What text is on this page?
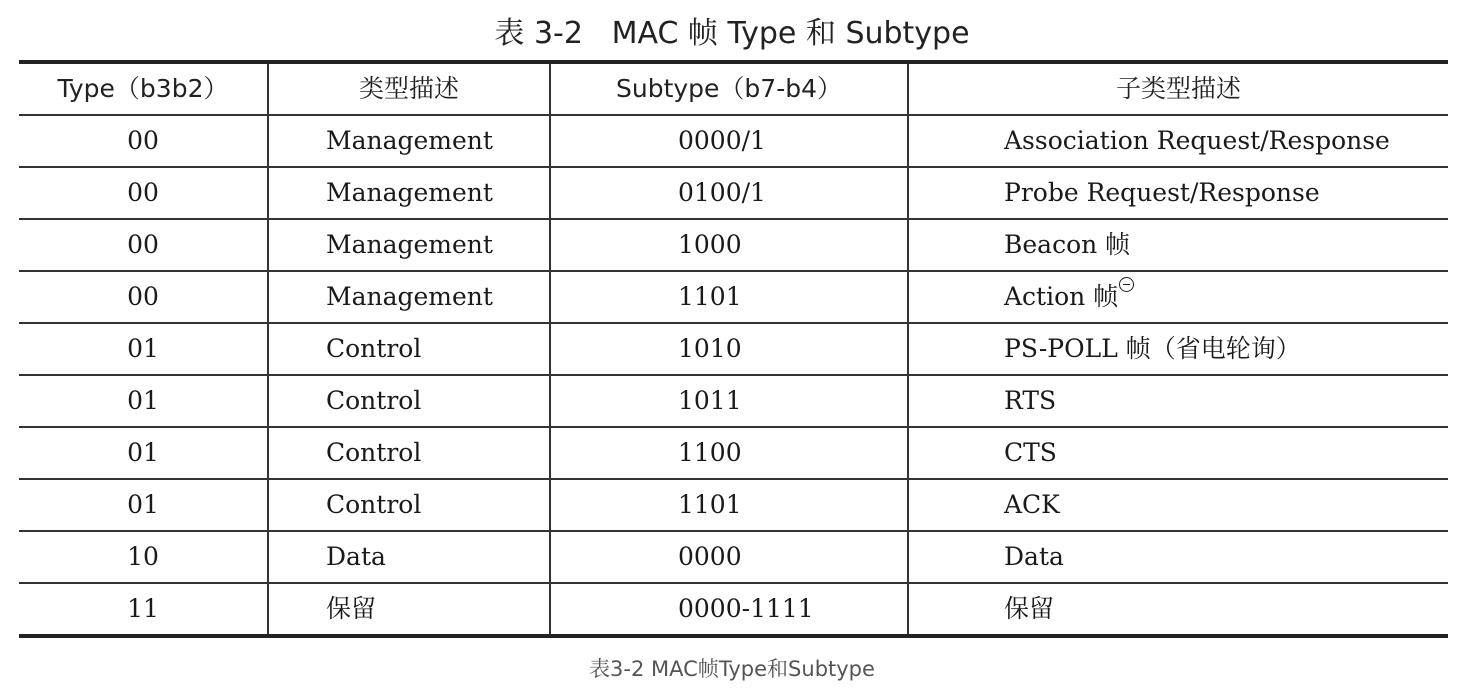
表 3-2   MAC 帧 Type 和 Subtype
Type（b3b2）	类型描述	Subtype（b7-b4）	子类型描述
00	Management	0000/1	Association Request/Response
00	Management	0100/1	Probe Request/Response
00	Management	1000	Beacon 帧
00	Management	1101	Action 帧
01	Control	1010	PS-POLL 帧（省电轮询）
01	Control	1011	RTS
01	Control	1100	CTS
01	Control	1101	ACK
10	Data	0000	Data
11	保留	0000-1111	保留
表3-2 MAC帧Type和Subtype
